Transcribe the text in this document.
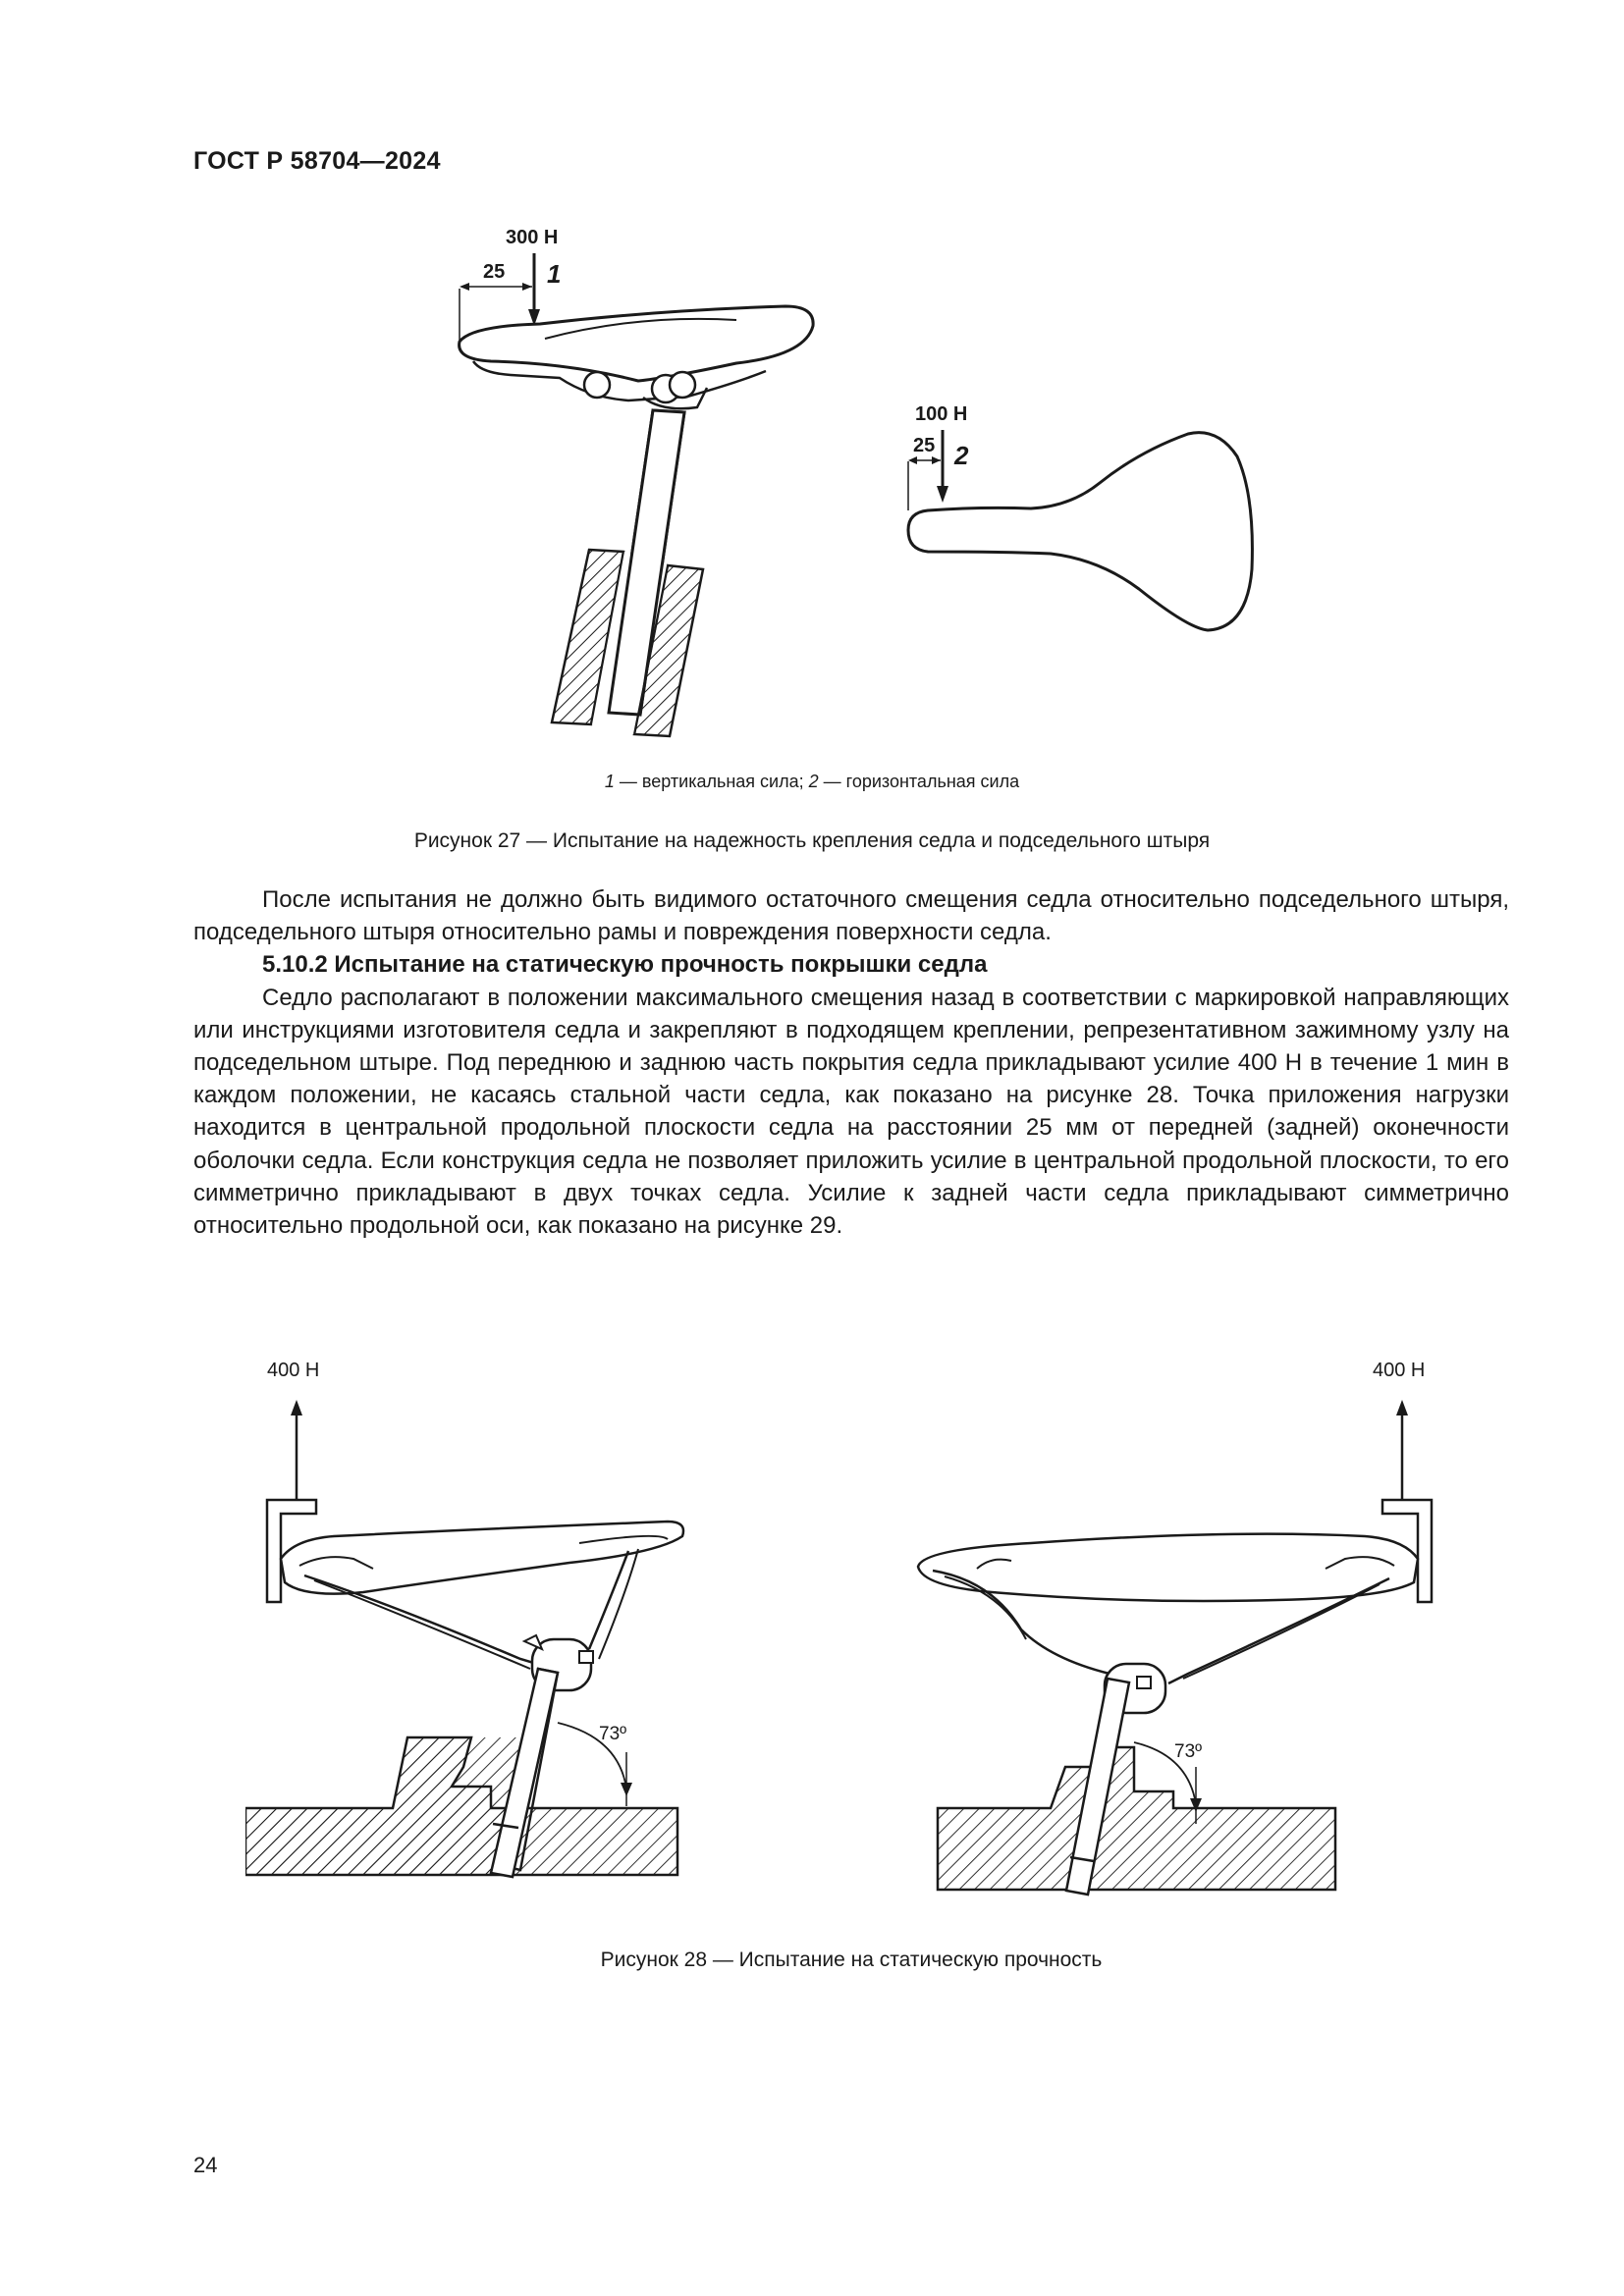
ГОСТ Р 58704—2024
300 Н
1
25
100 Н
2
25
1 — вертикальная сила; 2 — горизонтальная сила
Рисунок 27 — Испытание на надежность крепления седла и подседельного штыря

После испытания не должно быть видимого остаточного смещения седла относительно подседельного штыря, подседельного штыря относительно рамы и повреждения поверхности седла.

5.10.2 Испытание на статическую прочность покрышки седла

Седло располагают в положении максимального смещения назад в соответствии с маркировкой направляющих или инструкциями изготовителя седла и закрепляют в подходящем креплении, репрезентативном зажимному узлу на подседельном штыре. Под переднюю и заднюю часть покрытия седла прикладывают усилие 400 Н в течение 1 мин в каждом положении, не касаясь стальной части седла, как показано на рисунке 28. Точка приложения нагрузки находится в центральной продольной плоскости седла на расстоянии 25 мм от передней (задней) оконечности оболочки седла. Если конструкция седла не позволяет приложить усилие в центральной продольной плоскости, то его симметрично прикладывают в двух точках седла. Усилие к задней части седла прикладывают симметрично относительно продольной оси, как показано на рисунке 29.

400 Н
73º
400 Н
73º
Рисунок 28 — Испытание на статическую прочность
24
